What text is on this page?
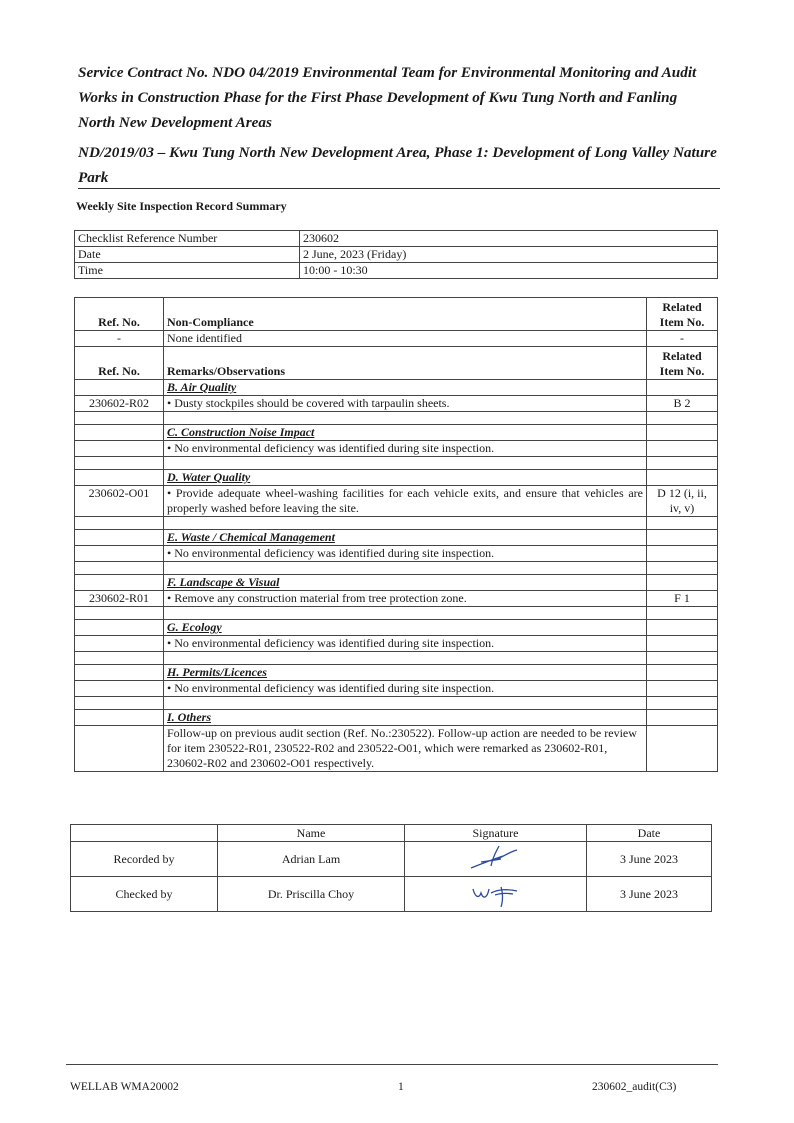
Service Contract No. NDO 04/2019 Environmental Team for Environmental Monitoring and Audit Works in Construction Phase for the First Phase Development of Kwu Tung North and Fanling North New Development Areas
ND/2019/03 – Kwu Tung North New Development Area, Phase 1: Development of Long Valley Nature Park
Weekly Site Inspection Record Summary
Checklist Reference Number	230602
Date	2 June, 2023 (Friday)
Time	10:00 - 10:30
Ref. No.	Non-Compliance	Related Item No.
-	None identified	-
Ref. No.	Remarks/Observations	Related Item No.
	B. Air Quality	
230602-R02	• Dusty stockpiles should be covered with tarpaulin sheets.	B 2

	C. Construction Noise Impact	
	• No environmental deficiency was identified during site inspection.	

	D. Water Quality	
230602-O01	• Provide adequate wheel-washing facilities for each vehicle exits, and ensure that vehicles are properly washed before leaving the site.	D 12 (i, ii, iv, v)

	E. Waste / Chemical Management	
	• No environmental deficiency was identified during site inspection.	

	F. Landscape & Visual	
230602-R01	• Remove any construction material from tree protection zone.	F 1

	G. Ecology	
	• No environmental deficiency was identified during site inspection.	

	H. Permits/Licences	
	• No environmental deficiency was identified during site inspection.	

	I. Others	
	Follow-up on previous audit section (Ref. No.:230522). Follow-up action are needed to be review for item 230522-R01, 230522-R02 and 230522-O01, which were remarked as 230602-R01, 230602-R02 and 230602-O01 respectively.	
	Name	Signature	Date
Recorded by	Adrian Lam		3 June 2023
Checked by	Dr. Priscilla Choy		3 June 2023
WELLAB WMA20002	1	230602_audit(C3)
